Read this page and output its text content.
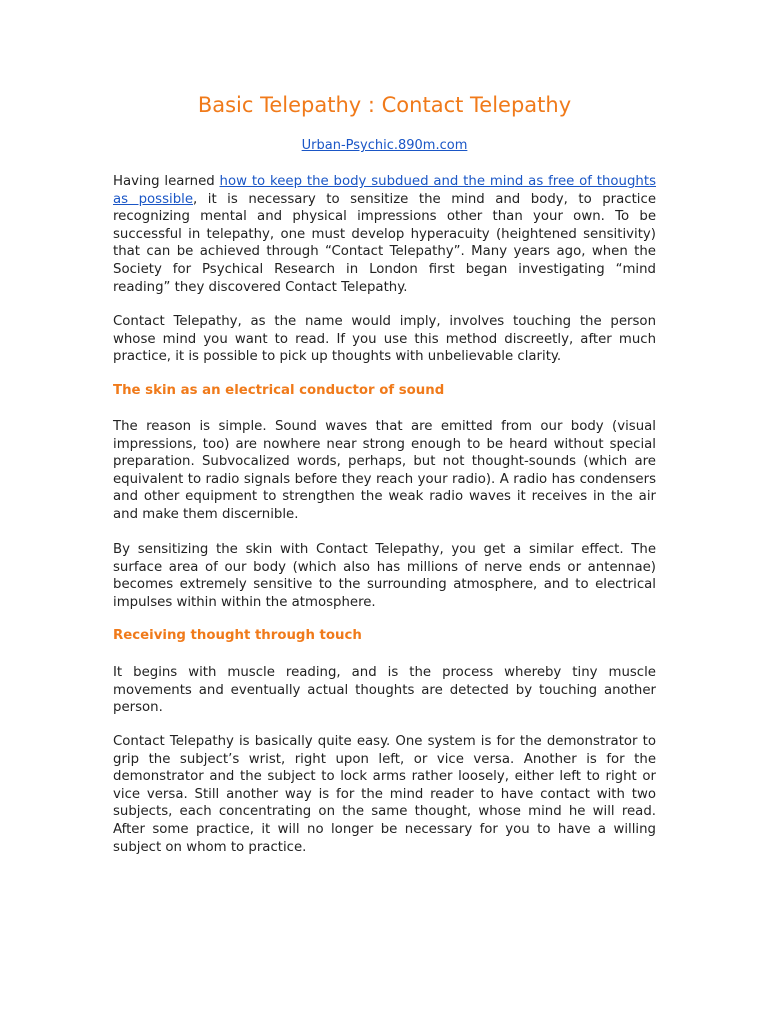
Basic Telepathy : Contact Telepathy
Urban-Psychic.890m.com

Having learned how to keep the body subdued and the mind as free of thoughts as possible, it is necessary to sensitize the mind and body, to practice recognizing mental and physical impressions other than your own. To be successful in telepathy, one must develop hyperacuity (heightened sensitivity) that can be achieved through “Contact Telepathy”. Many years ago, when the Society for Psychical Research in London first began investigating “mind reading” they discovered Contact Telepathy.

Contact Telepathy, as the name would imply, involves touching the person whose mind you want to read. If you use this method discreetly, after much practice, it is possible to pick up thoughts with unbelievable clarity.

The skin as an electrical conductor of sound

The reason is simple. Sound waves that are emitted from our body (visual impressions, too) are nowhere near strong enough to be heard without special preparation. Subvocalized words, perhaps, but not thought-sounds (which are equivalent to radio signals before they reach your radio). A radio has condensers and other equipment to strengthen the weak radio waves it receives in the air and make them discernible.

By sensitizing the skin with Contact Telepathy, you get a similar effect. The surface area of our body (which also has millions of nerve ends or antennae) becomes extremely sensitive to the surrounding atmosphere, and to electrical impulses within within the atmosphere.

Receiving thought through touch

It begins with muscle reading, and is the process whereby tiny muscle movements and eventually actual thoughts are detected by touching another person.

Contact Telepathy is basically quite easy. One system is for the demonstrator to grip the subject’s wrist, right upon left, or vice versa. Another is for the demonstrator and the subject to lock arms rather loosely, either left to right or vice versa. Still another way is for the mind reader to have contact with two subjects, each concentrating on the same thought, whose mind he will read. After some practice, it will no longer be necessary for you to have a willing subject on whom to practice.
